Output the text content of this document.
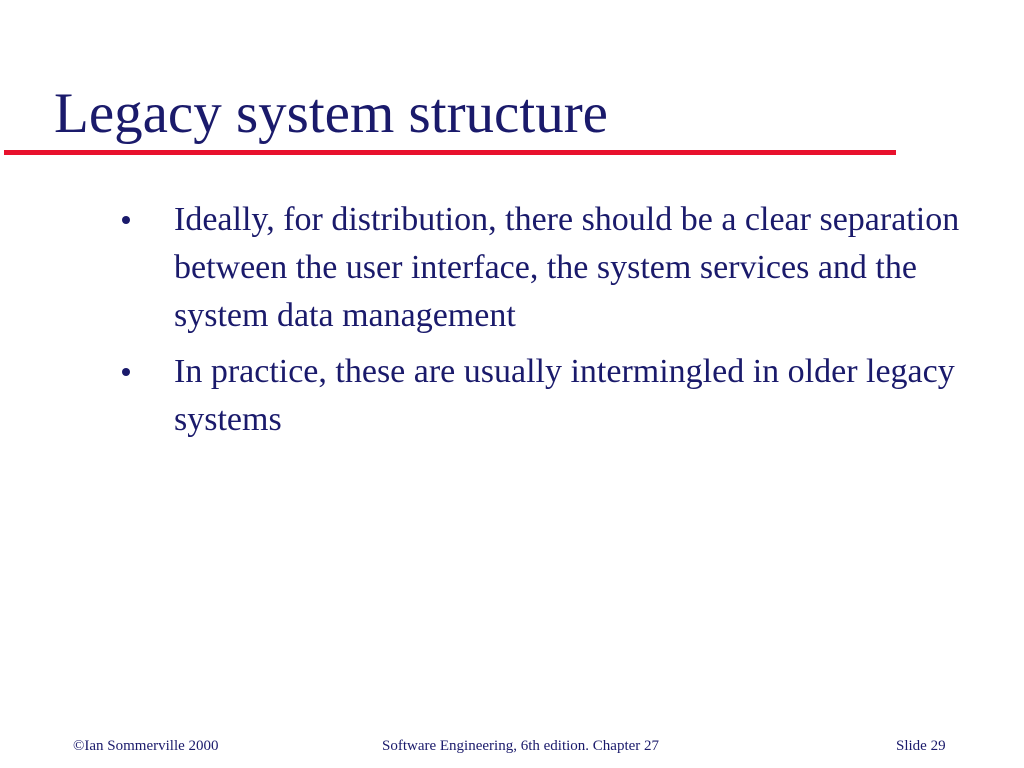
Legacy system structure
Ideally, for distribution, there should be a clear separation between the user interface, the system services and the system data management
In practice, these are usually intermingled in older legacy systems
©Ian Sommerville 2000	Software Engineering, 6th edition. Chapter 27	Slide 29
